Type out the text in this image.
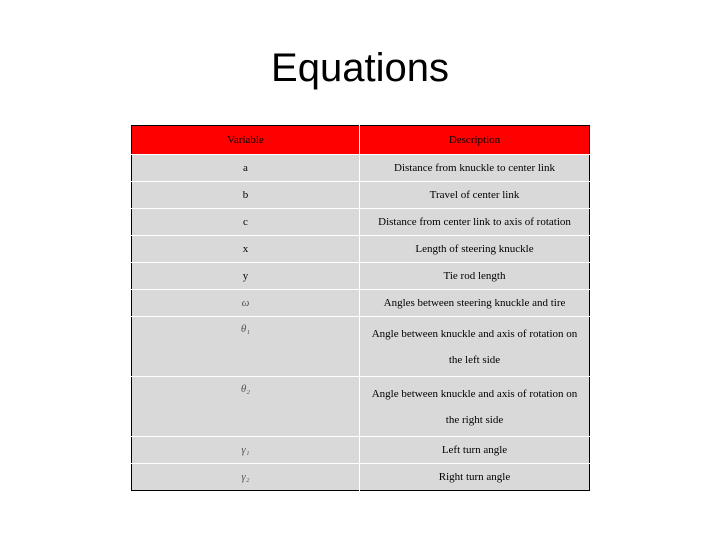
Equations
Variable	Description
a	Distance from knuckle to center link
b	Travel of center link
c	Distance from center link to axis of rotation
x	Length of steering knuckle
y	Tie rod length
ω	Angles between steering knuckle and tire
θ₁	Angle between knuckle and axis of rotation on the left side
θ₂	Angle between knuckle and axis of rotation on the right side
γ₁	Left turn angle
γ₂	Right turn angle
